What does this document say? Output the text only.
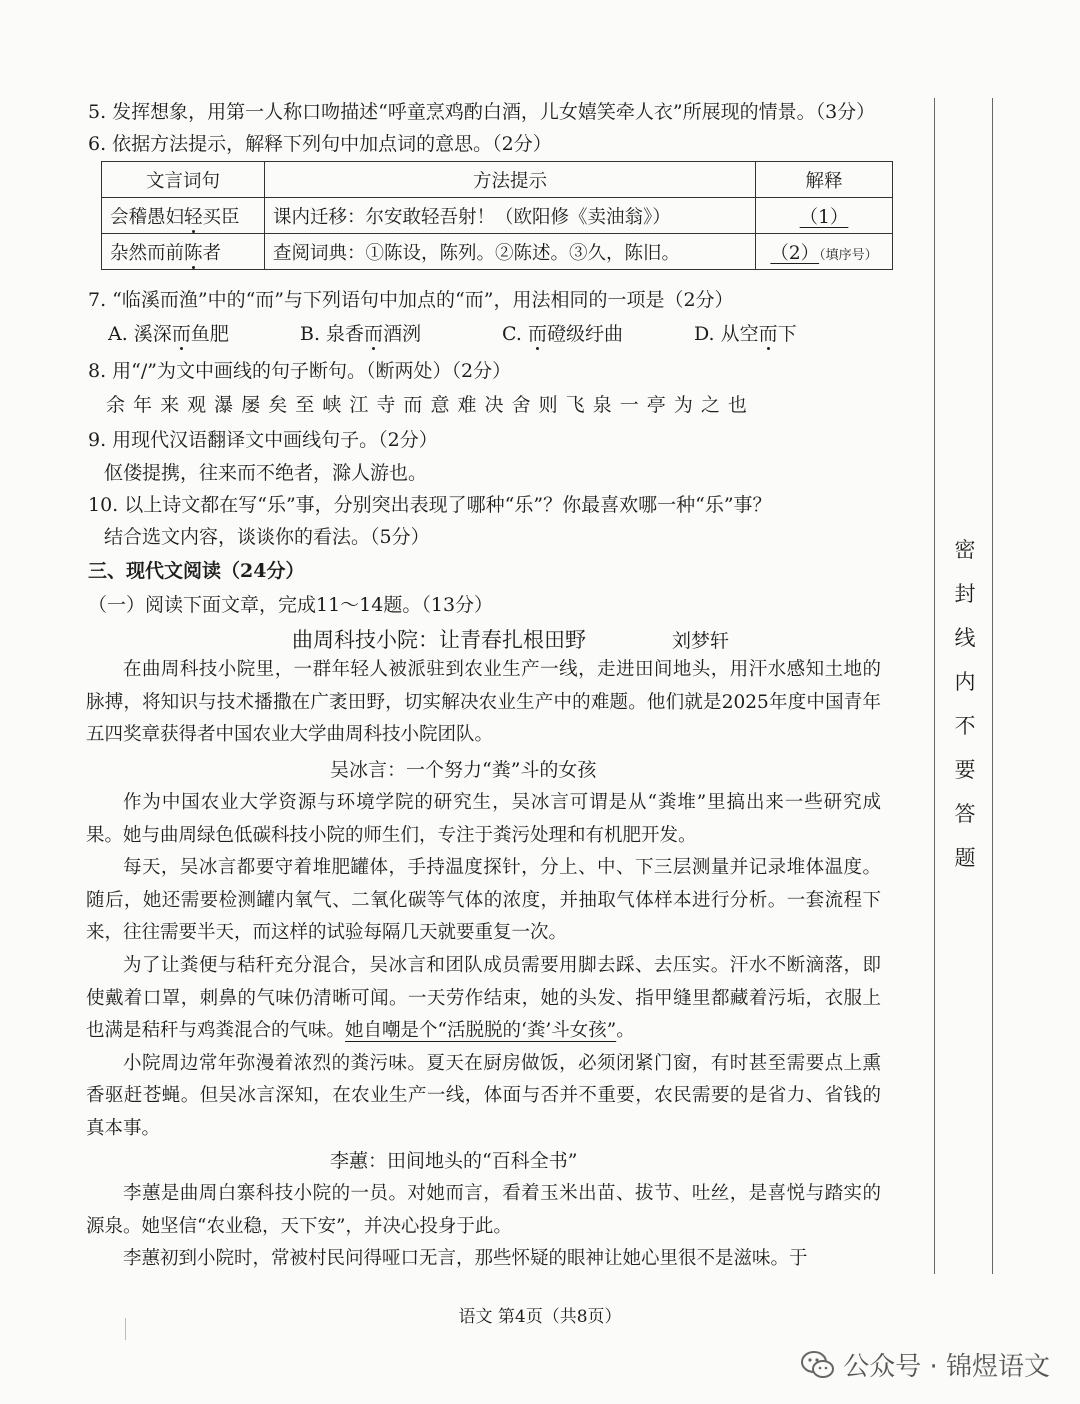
5. 发挥想象，用第一人称口吻描述“呼童烹鸡酌白酒，儿女嬉笑牵人衣”所展现的情景。（3分）
6. 依据方法提示，解释下列句中加点词的意思。（2分）
文言词句	方法提示	解释
会稽愚妇轻买臣	课内迁移：尔安敢轻吾射！（欧阳修《卖油翁》）	（1）
杂然而前陈者	查阅词典：①陈设，陈列。②陈述。③久，陈旧。	（2）（填序号）
7. “临溪而渔”中的“而”与下列语句中加点的“而”，用法相同的一项是（2分）
A. 溪深而鱼肥	B. 泉香而酒洌	C. 而磴级纡曲	D. 从空而下
8. 用“/”为文中画线的句子断句。（断两处）（2分）
余 年 来 观 瀑 屡 矣 至 峡 江 寺 而 意 难 决 舍 则 飞 泉 一 亭 为 之 也
9. 用现代汉语翻译文中画线句子。（2分）
伛偻提携，往来而不绝者，滁人游也。
10. 以上诗文都在写“乐”事，分别突出表现了哪种“乐”？你最喜欢哪一种“乐”事？
结合选文内容，谈谈你的看法。（5分）
三、现代文阅读（24分）
（一）阅读下面文章，完成11～14题。（13分）
曲周科技小院：让青春扎根田野	刘梦轩

在曲周科技小院里，一群年轻人被派驻到农业生产一线，走进田间地头，用汗水感知土地的脉搏，将知识与技术播撒在广袤田野，切实解决农业生产中的难题。他们就是2025年度中国青年五四奖章获得者中国农业大学曲周科技小院团队。

吴冰言：一个努力“粪”斗的女孩

作为中国农业大学资源与环境学院的研究生，吴冰言可谓是从“粪堆”里搞出来一些研究成果。她与曲周绿色低碳科技小院的师生们，专注于粪污处理和有机肥开发。

每天，吴冰言都要守着堆肥罐体，手持温度探针，分上、中、下三层测量并记录堆体温度。随后，她还需要检测罐内氧气、二氧化碳等气体的浓度，并抽取气体样本进行分析。一套流程下来，往往需要半天，而这样的试验每隔几天就要重复一次。

为了让粪便与秸秆充分混合，吴冰言和团队成员需要用脚去踩、去压实。汗水不断滴落，即使戴着口罩，刺鼻的气味仍清晰可闻。一天劳作结束，她的头发、指甲缝里都藏着污垢，衣服上也满是秸秆与鸡粪混合的气味。她自嘲是个“活脱脱的‘粪’斗女孩”。

小院周边常年弥漫着浓烈的粪污味。夏天在厨房做饭，必须闭紧门窗，有时甚至需要点上熏香驱赶苍蝇。但吴冰言深知，在农业生产一线，体面与否并不重要，农民需要的是省力、省钱的真本事。

李蕙：田间地头的“百科全书”

李蕙是曲周白寨科技小院的一员。对她而言，看着玉米出苗、拔节、吐丝，是喜悦与踏实的源泉。她坚信“农业稳，天下安”，并决心投身于此。

李蕙初到小院时，常被村民问得哑口无言，那些怀疑的眼神让她心里很不是滋味。于

密
封
线
内
不
要
答
题
语文 第4页（共8页）
公众号 · 锦煜语文
